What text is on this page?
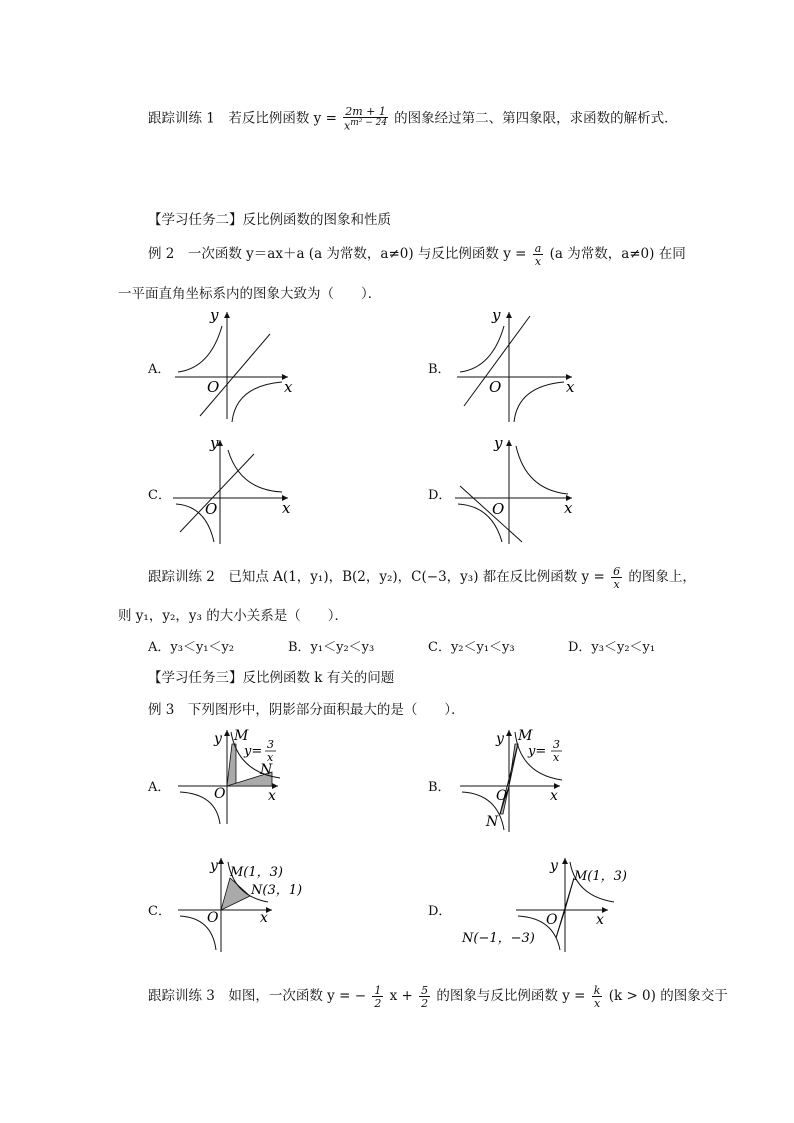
跟踪训练 1　若反比例函数 $y = \frac{2m + 1}{x^{m^2 - 24}}$ 的图象经过第二、第四象限，求函数的解析式．
【学习任务二】反比例函数的图象和性质
例 2　一次函数 y＝ax＋a (a 为常数，a≠0) 与反比例函数 $y = \frac{a}{x} (a$ 为常数，a≠0) 在同
一平面直角坐标系内的图象大致为（　　）．
A．	B．
C．	D．
y
x
O
y
x
O
y
x
O
y
x
O
跟踪训练 2　已知点 A(1，y₁)，B(2，y₂)，C(−3，y₃) 都在反比例函数 $y = \frac{6}{x}$ 的图象上，
则 y₁，y₂，y₃ 的大小关系是（　　）．
A．y₃＜y₁＜y₂	B．y₁＜y₂＜y₃	C．y₂＜y₁＜y₃	D．y₃＜y₂＜y₁
【学习任务三】反比例函数 k 有关的问题
例 3　下列图形中，阴影部分面积最大的是（　　）．
A．	B．
C．	D．
y M
y= 3
x
N
O	x
y M
y= 3
x
O	x
N
y M(1，3)
N(3，1)
O	x
y
M(1，3)
O	x
N(−1，−3)
跟踪训练 3　如图，一次函数 y = − $\frac{1}{2}$ $x + \frac{5}{2}$ 的图象与反比例函数 $y = \frac{k}{x} (k > 0)$ 的图象交于
